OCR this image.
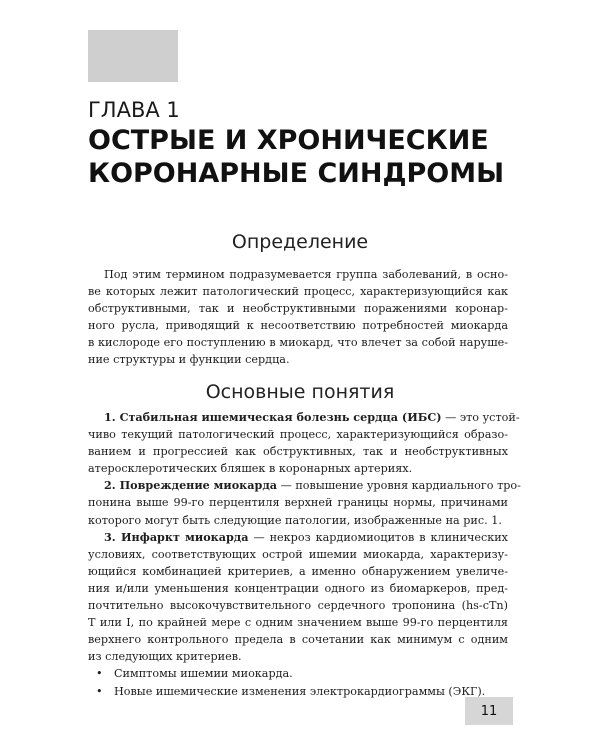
ГЛАВА 1
ОСТРЫЕ И ХРОНИЧЕСКИЕ
КОРОНАРНЫЕ СИНДРОМЫ
Определение
Под этим термином подразумевается группа заболеваний, в осно-
ве которых лежит патологический процесс, характеризующийся как
обструктивными, так и необструктивными поражениями коронар-
ного русла, приводящий к несоответствию потребностей миокарда
в кислороде его поступлению в миокард, что влечет за собой наруше-
ние структуры и функции сердца.
Основные понятия
1. Стабильная ишемическая болезнь сердца (ИБС) — это устой-
чиво текущий патологический процесс, характеризующийся образо-
ванием и прогрессией как обструктивных, так и необструктивных
атеросклеротических бляшек в коронарных артериях.
2. Повреждение миокарда — повышение уровня кардиального тро-
понина выше 99-го перцентиля верхней границы нормы, причинами
которого могут быть следующие патологии, изображенные на рис. 1.
3. Инфаркт миокарда — некроз кардиомиоцитов в клинических
условиях, соответствующих острой ишемии миокарда, характеризу-
ющийся комбинацией критериев, а именно обнаружением увеличе-
ния и/или уменьшения концентрации одного из биомаркеров, пред-
почтительно высокочувствительного сердечного тропонина (hs-cTn)
T или I, по крайней мере с одним значением выше 99-го перцентиля
верхнего контрольного предела в сочетании как минимум с одним
из следующих критериев.
• Симптомы ишемии миокарда.
• Новые ишемические изменения электрокардиограммы (ЭКГ).
11
